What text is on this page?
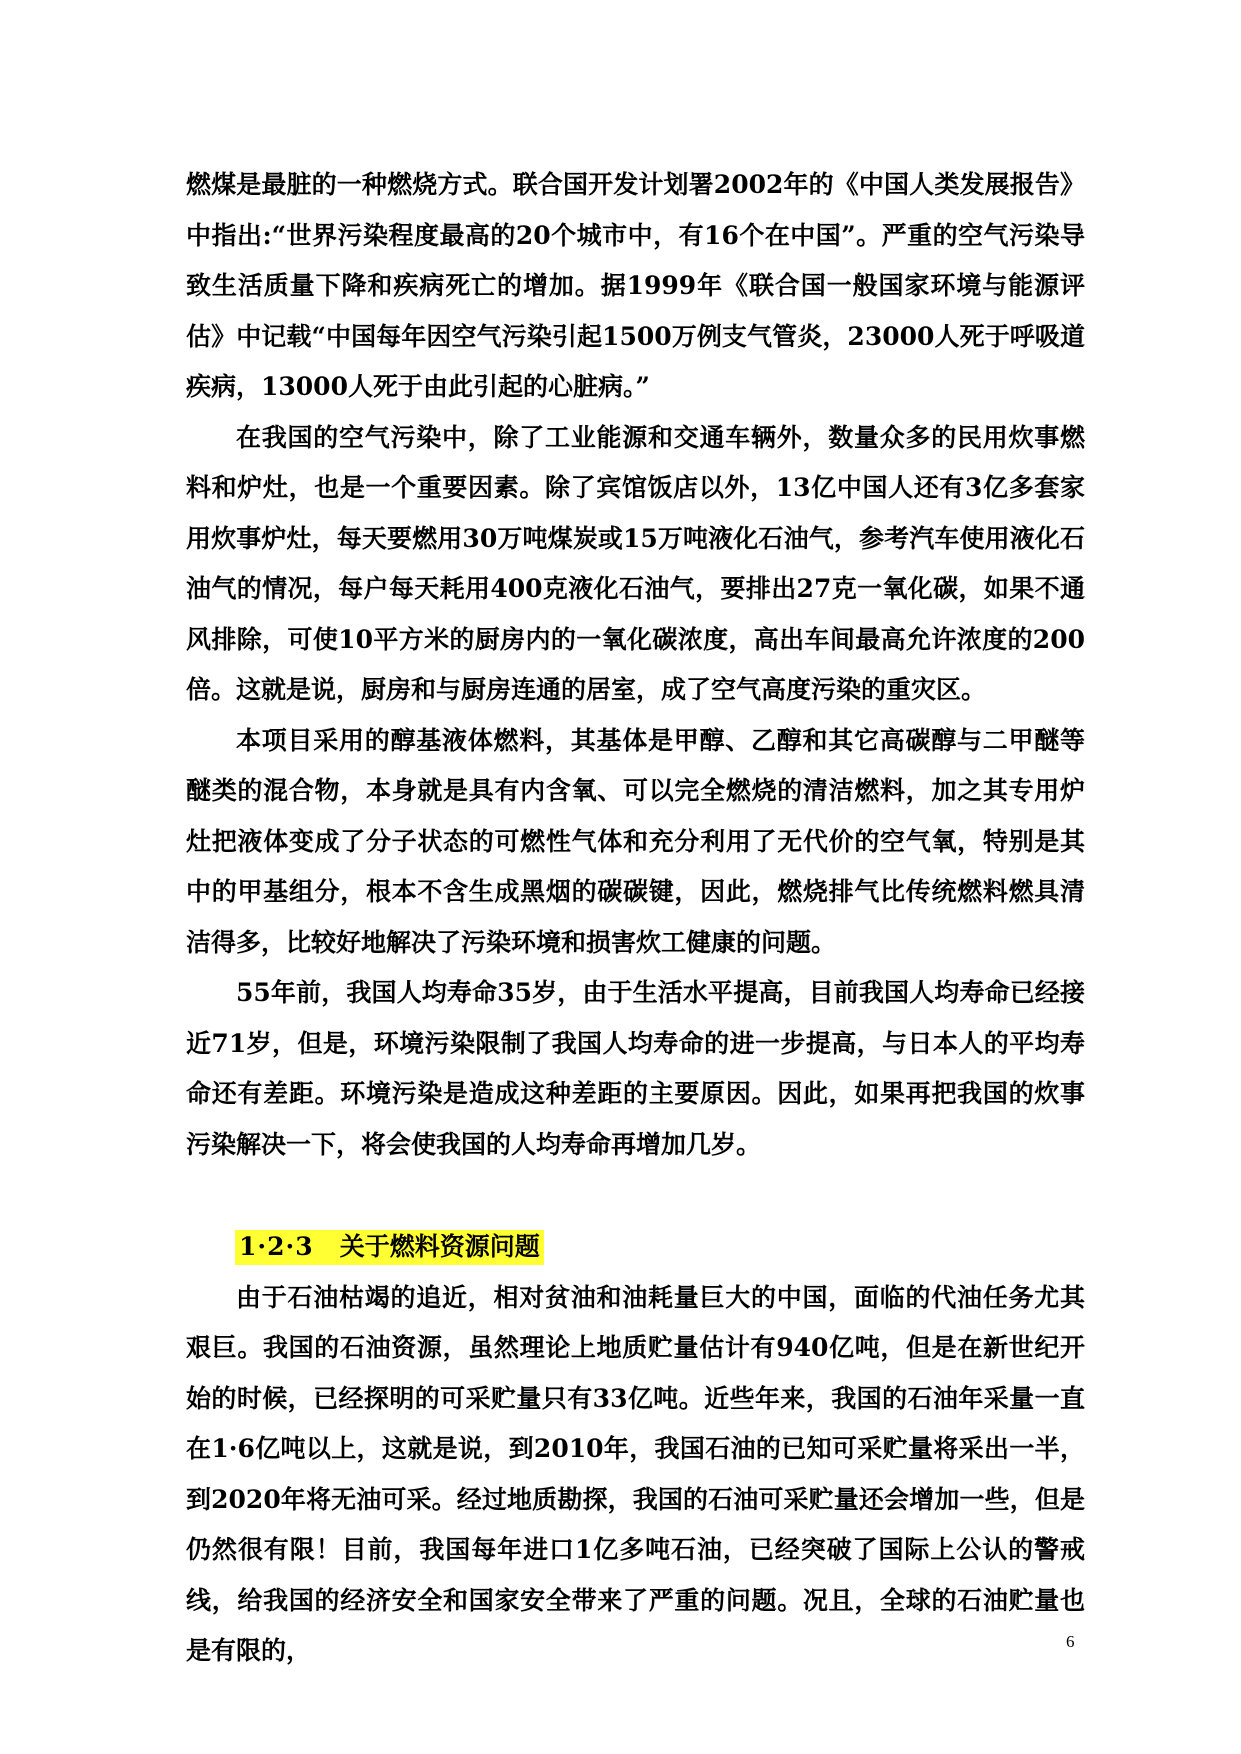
燃煤是最脏的一种燃烧方式。联合国开发计划署2002年的《中国人类发展报告》中指出:“世界污染程度最高的20个城市中，有16个在中国”。严重的空气污染导致生活质量下降和疾病死亡的增加。据1999年《联合国一般国家环境与能源评估》中记载“中国每年因空气污染引起1500万例支气管炎，23000人死于呼吸道疾病，13000人死于由此引起的心脏病。”

在我国的空气污染中，除了工业能源和交通车辆外，数量众多的民用炊事燃料和炉灶，也是一个重要因素。除了宾馆饭店以外，13亿中国人还有3亿多套家用炊事炉灶，每天要燃用30万吨煤炭或15万吨液化石油气，参考汽车使用液化石油气的情况，每户每天耗用400克液化石油气，要排出27克一氧化碳，如果不通风排除，可使10平方米的厨房内的一氧化碳浓度，高出车间最高允许浓度的200倍。这就是说，厨房和与厨房连通的居室，成了空气高度污染的重灾区。

本项目采用的醇基液体燃料，其基体是甲醇、乙醇和其它高碳醇与二甲醚等醚类的混合物，本身就是具有内含氧、可以完全燃烧的清洁燃料，加之其专用炉灶把液体变成了分子状态的可燃性气体和充分利用了无代价的空气氧，特别是其中的甲基组分，根本不含生成黑烟的碳碳键，因此，燃烧排气比传统燃料燃具清洁得多，比较好地解决了污染环境和损害炊工健康的问题。

55年前，我国人均寿命35岁，由于生活水平提高，目前我国人均寿命已经接近71岁，但是，环境污染限制了我国人均寿命的进一步提高，与日本人的平均寿命还有差距。环境污染是造成这种差距的主要原因。因此，如果再把我国的炊事污染解决一下，将会使我国的人均寿命再增加几岁。

1·2·3 关于燃料资源问题

由于石油枯竭的追近，相对贫油和油耗量巨大的中国，面临的代油任务尤其艰巨。我国的石油资源，虽然理论上地质贮量估计有940亿吨，但是在新世纪开始的时候，已经探明的可采贮量只有33亿吨。近些年来，我国的石油年采量一直在1·6亿吨以上，这就是说，到2010年，我国石油的已知可采贮量将采出一半，到2020年将无油可采。经过地质勘探，我国的石油可采贮量还会增加一些，但是仍然很有限！目前，我国每年进口1亿多吨石油，已经突破了国际上公认的警戒线，给我国的经济安全和国家安全带来了严重的问题。况且，全球的石油贮量也是有限的，	6
